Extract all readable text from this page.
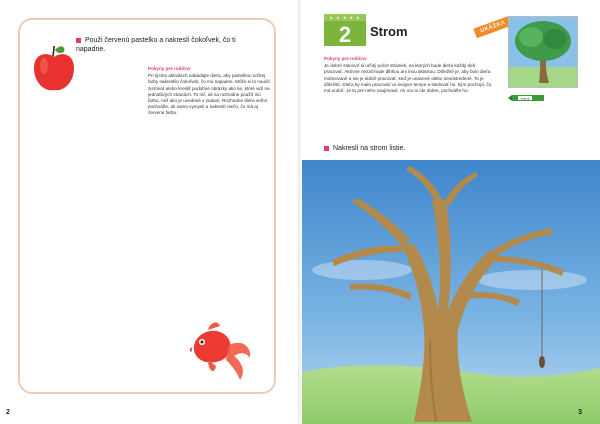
Použi červenú pastelku a nakresli čokoľvek, čo ti napadne.
Pokyny pre rodičov
Pri týchto aktivitách nabádajte dieťa, aby pastelkou určitej farby nakreslilo čokoľvek, čo mu napadne. Môže si to naučiť zisťovať alebo kresliť podobné obrázky ako tie, ktoré vidí na jednotlivých stranách. To nič, ak sa rozhodne použiť inú farbu, než ako je uvedené v zadaní. Rozhodne dieťa veľmi pochváľte, ak samo vymyslí a nakreslí niečo, čo má aj červenú farbu.
2
★ ★ ★ ★ ★
2	Strom
Pokyny pre rodičov
Je dobré stanoviť si určitý počet strániek, na ktorých bude dieťa každý deň pracovať. Aktívne nezačínajte dlhšou ani inou aktivitou. Dôležité je, aby bolo dieťa motivované a nie je dobré pracovať, keď je unavené alebo nesústredené. To je dôležité. Dieťa by malo pracovať vo svojom tempe a sledovať ho, kým pochopí, čo má urobiť. Je to pre neho zaujímavé. Ak mu to ide dobre, pochváľte ho.
UKÁŽKA
zelená
Nakresli na strom listie.
3
